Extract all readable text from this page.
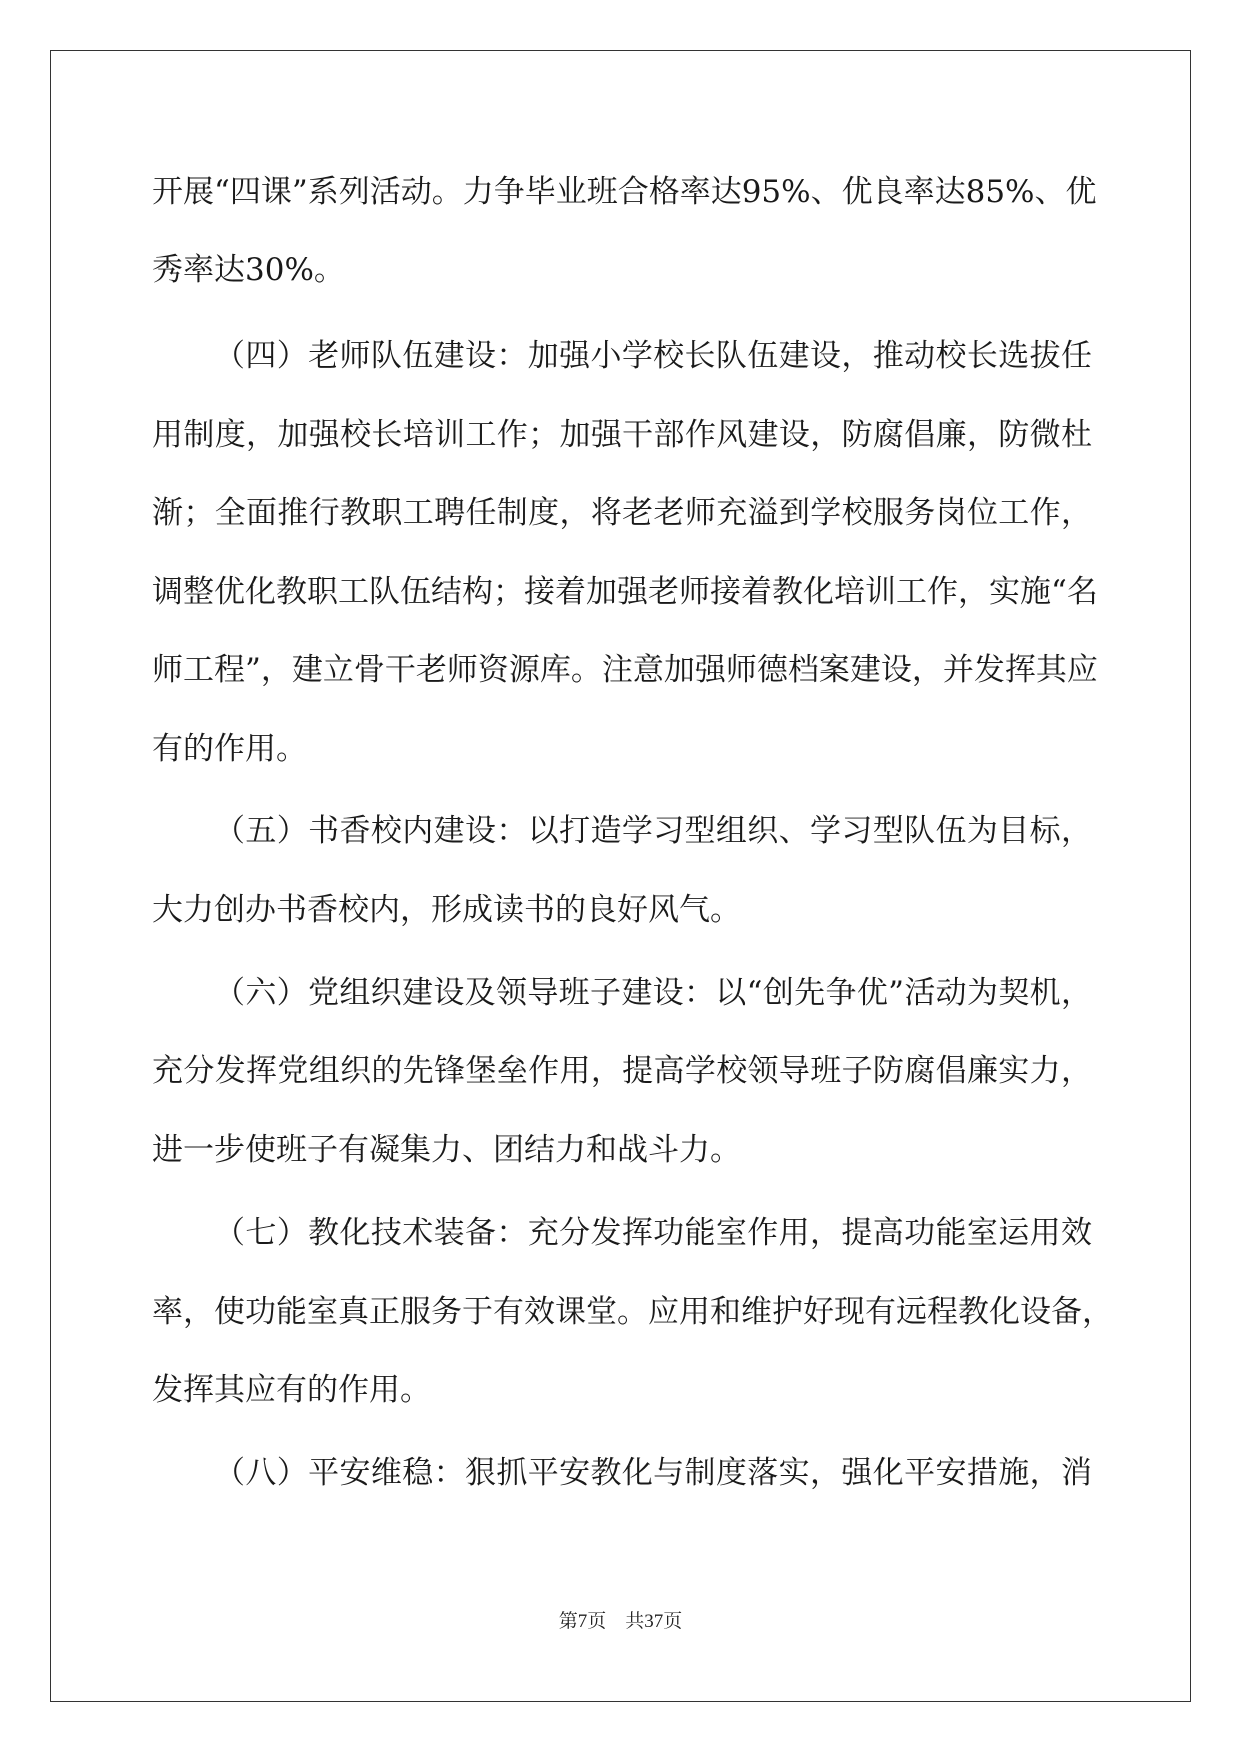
开展“四课”系列活动。力争毕业班合格率达95%、优良率达85%、优
秀率达30%。
（四）老师队伍建设：加强小学校长队伍建设，推动校长选拔任
用制度，加强校长培训工作；加强干部作风建设，防腐倡廉，防微杜
渐；全面推行教职工聘任制度，将老老师充溢到学校服务岗位工作，
调整优化教职工队伍结构；接着加强老师接着教化培训工作，实施“名
师工程”，建立骨干老师资源库。注意加强师德档案建设，并发挥其应
有的作用。
（五）书香校内建设：以打造学习型组织、学习型队伍为目标，
大力创办书香校内，形成读书的良好风气。
（六）党组织建设及领导班子建设：以“创先争优”活动为契机，
充分发挥党组织的先锋堡垒作用，提高学校领导班子防腐倡廉实力，
进一步使班子有凝集力、团结力和战斗力。
（七）教化技术装备：充分发挥功能室作用，提高功能室运用效
率，使功能室真正服务于有效课堂。应用和维护好现有远程教化设备，
发挥其应有的作用。
（八）平安维稳：狠抓平安教化与制度落实，强化平安措施，消
第7页　共37页
